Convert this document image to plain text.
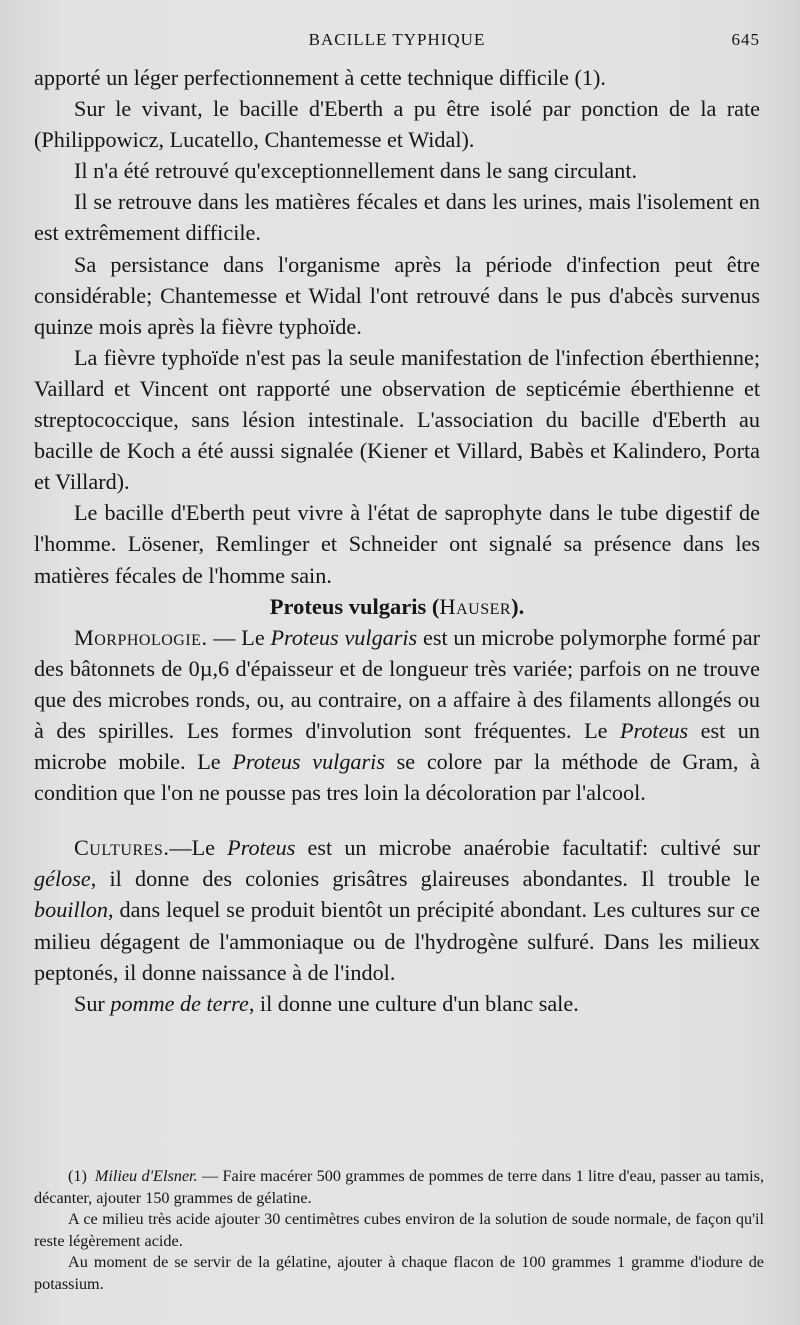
BACILLE TYPHIQUE	645

apporté un léger perfectionnement à cette technique difficile (1).

Sur le vivant, le bacille d'Eberth a pu être isolé par ponction de la rate (Philippowicz, Lucatello, Chantemesse et Widal).

Il n'a été retrouvé qu'exceptionnellement dans le sang circulant.

Il se retrouve dans les matières fécales et dans les urines, mais l'isolement en est extrêmement difficile.

Sa persistance dans l'organisme après la période d'infection peut être considérable; Chantemesse et Widal l'ont retrouvé dans le pus d'abcès survenus quinze mois après la fièvre typhoïde.

La fièvre typhoïde n'est pas la seule manifestation de l'infection éberthienne; Vaillard et Vincent ont rapporté une observation de septicémie éberthienne et streptococcique, sans lésion intestinale. L'association du bacille d'Eberth au bacille de Koch a été aussi signalée (Kiener et Villard, Babès et Kalindero, Porta et Villard).

Le bacille d'Eberth peut vivre à l'état de saprophyte dans le tube digestif de l'homme. Lösener, Remlinger et Schneider ont signalé sa présence dans les matières fécales de l'homme sain.

Proteus vulgaris (Hauser).

Morphologie. — Le Proteus vulgaris est un microbe polymorphe formé par des bâtonnets de 0µ,6 d'épaisseur et de longueur très variée; parfois on ne trouve que des microbes ronds, ou, au contraire, on a affaire à des filaments allongés ou à des spirilles. Les formes d'involution sont fréquentes. Le Proteus est un microbe mobile. Le Proteus vulgaris se colore par la méthode de Gram, à condition que l'on ne pousse pas tres loin la décoloration par l'alcool.

Cultures.—Le Proteus est un microbe anaérobie facultatif: cultivé sur gélose, il donne des colonies grisâtres glaireuses abondantes. Il trouble le bouillon, dans lequel se produit bientôt un précipité abondant. Les cultures sur ce milieu dégagent de l'ammoniaque ou de l'hydrogène sulfuré. Dans les milieux peptonés, il donne naissance à de l'indol.

Sur pomme de terre, il donne une culture d'un blanc sale.

(1) Milieu d'Elsner. — Faire macérer 500 grammes de pommes de terre dans 1 litre d'eau, passer au tamis, décanter, ajouter 150 grammes de gélatine.

A ce milieu très acide ajouter 30 centimètres cubes environ de la solution de soude normale, de façon qu'il reste légèrement acide.

Au moment de se servir de la gélatine, ajouter à chaque flacon de 100 grammes 1 gramme d'iodure de potassium.
